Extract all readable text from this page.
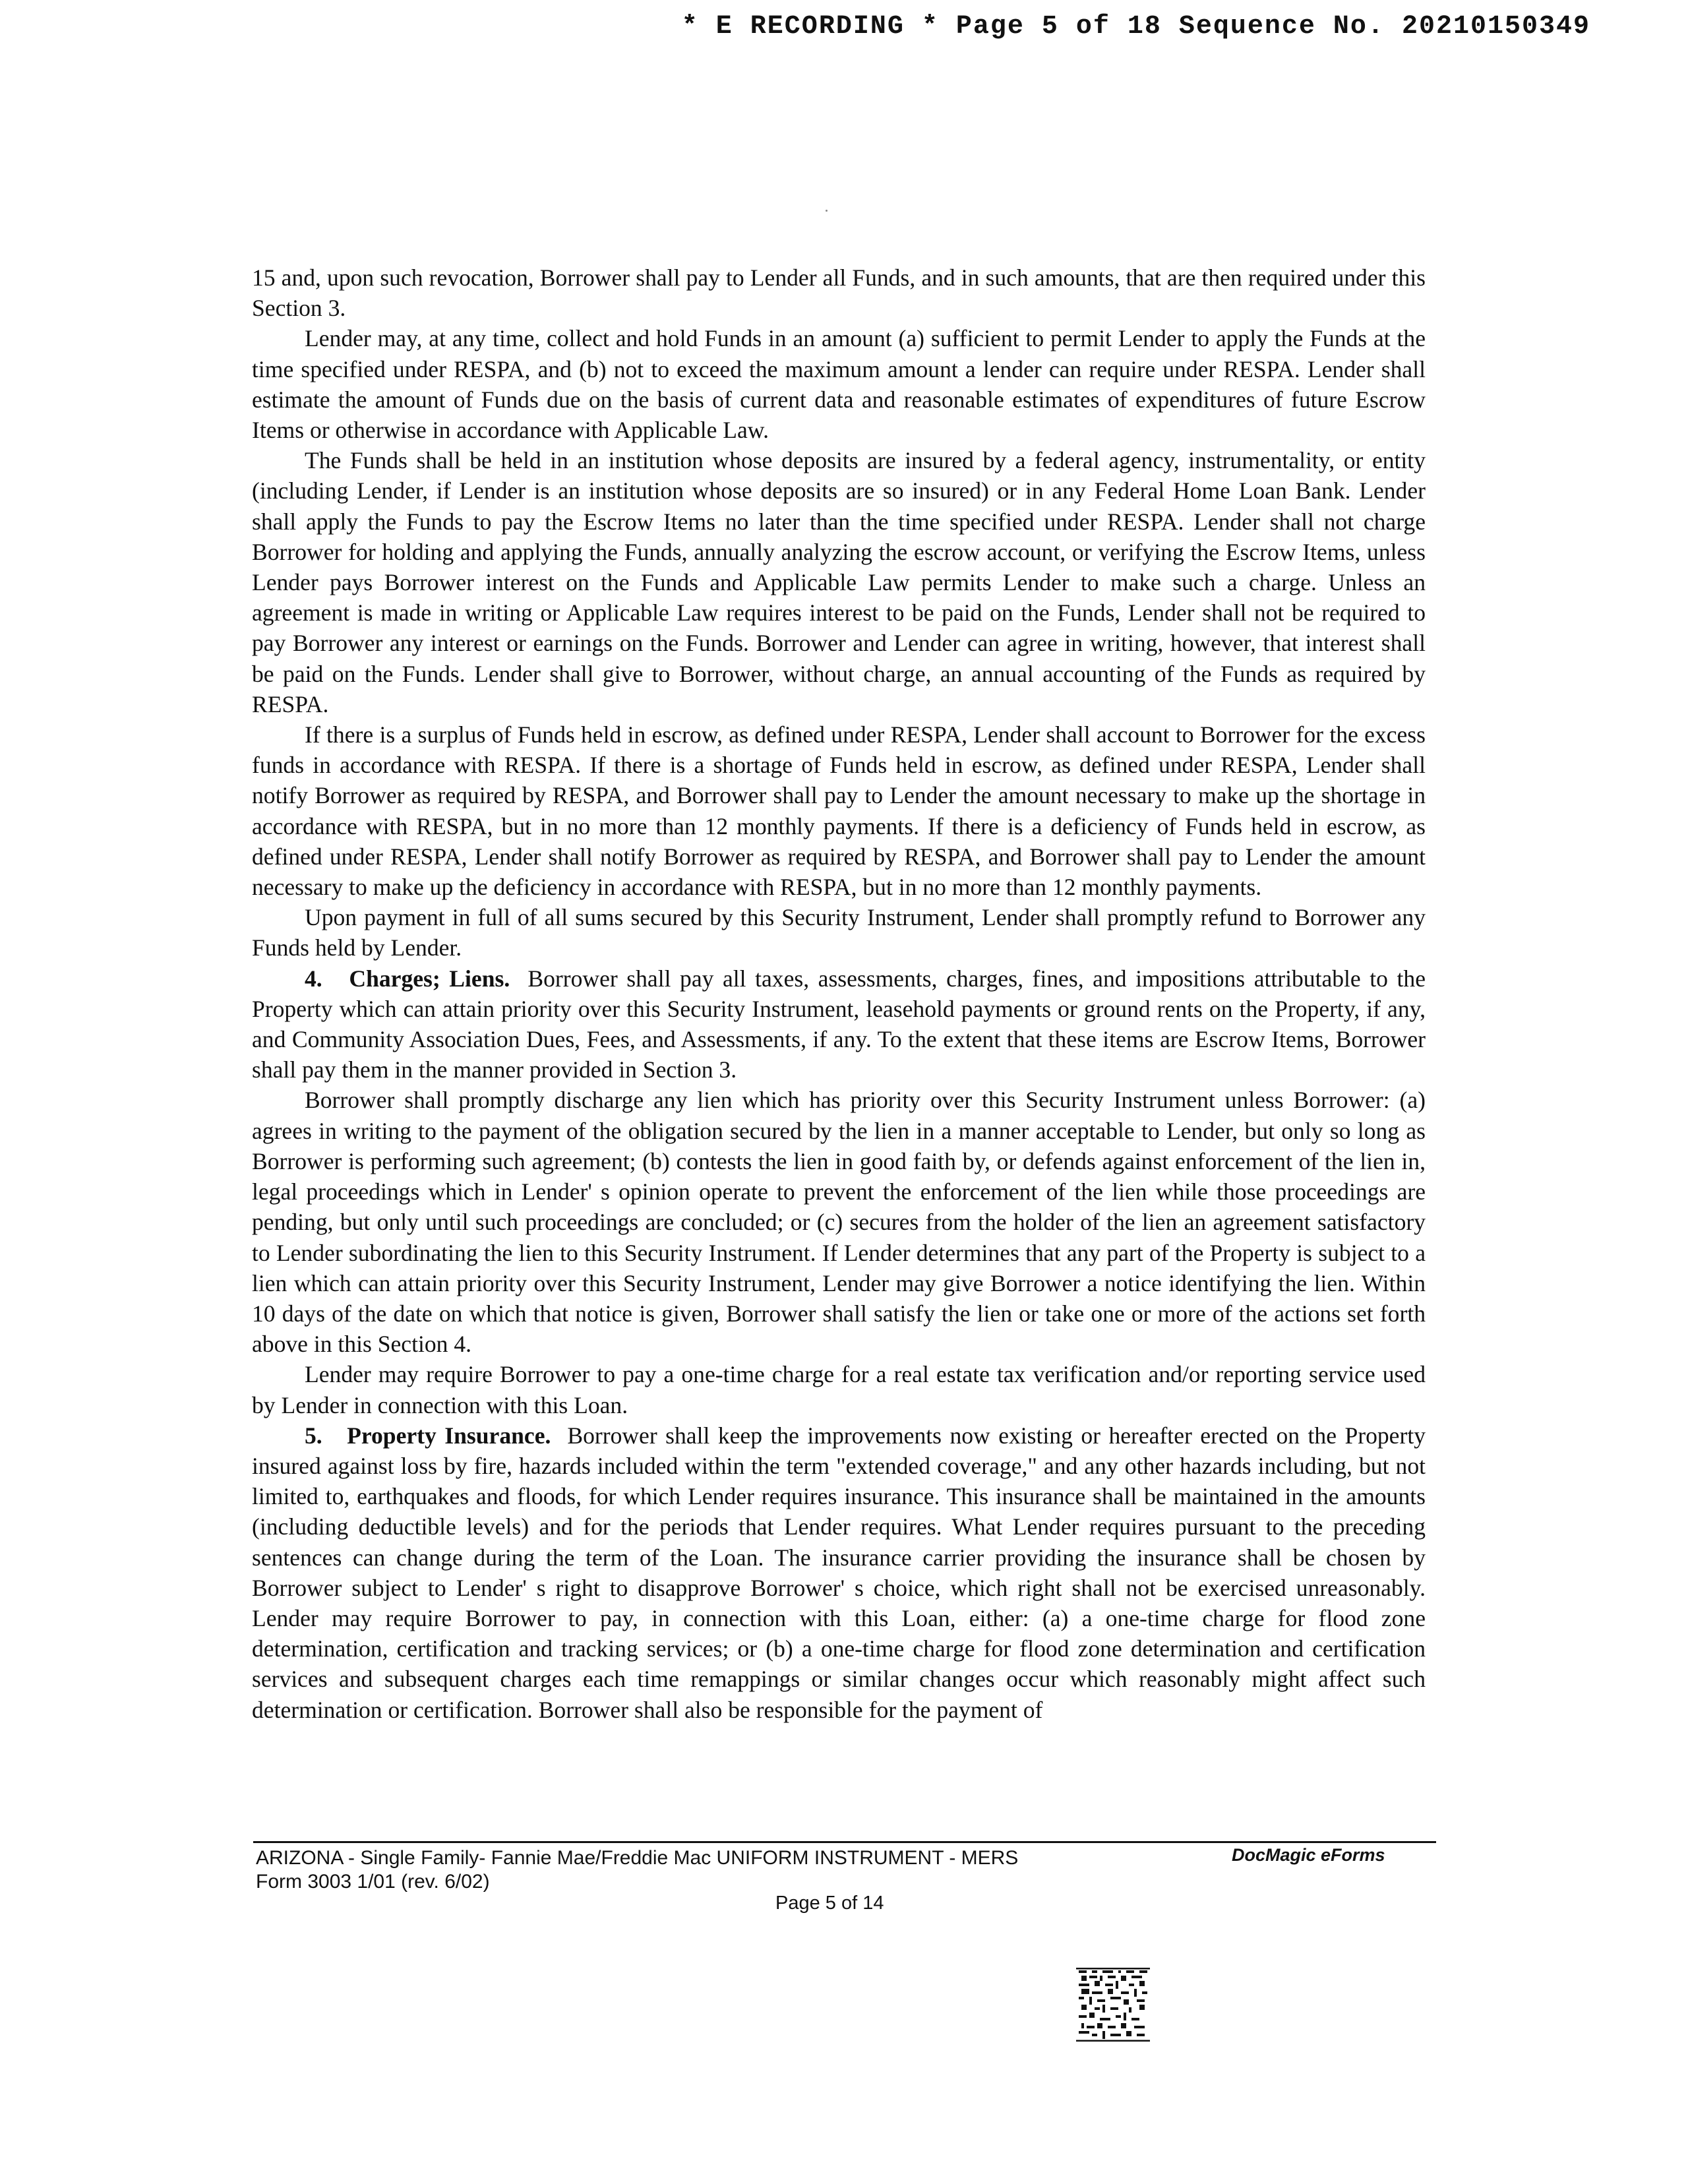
* E RECORDING * Page 5 of 18 Sequence No. 20210150349

15 and, upon such revocation, Borrower shall pay to Lender all Funds, and in such amounts, that are then required under this Section 3.

Lender may, at any time, collect and hold Funds in an amount (a) sufficient to permit Lender to apply the Funds at the time specified under RESPA, and (b) not to exceed the maximum amount a lender can require under RESPA. Lender shall estimate the amount of Funds due on the basis of current data and reasonable estimates of expenditures of future Escrow Items or otherwise in accordance with Applicable Law.

The Funds shall be held in an institution whose deposits are insured by a federal agency, instrumentality, or entity (including Lender, if Lender is an institution whose deposits are so insured) or in any Federal Home Loan Bank. Lender shall apply the Funds to pay the Escrow Items no later than the time specified under RESPA. Lender shall not charge Borrower for holding and applying the Funds, annually analyzing the escrow account, or verifying the Escrow Items, unless Lender pays Borrower interest on the Funds and Applicable Law permits Lender to make such a charge. Unless an agreement is made in writing or Applicable Law requires interest to be paid on the Funds, Lender shall not be required to pay Borrower any interest or earnings on the Funds. Borrower and Lender can agree in writing, however, that interest shall be paid on the Funds. Lender shall give to Borrower, without charge, an annual accounting of the Funds as required by RESPA.

If there is a surplus of Funds held in escrow, as defined under RESPA, Lender shall account to Borrower for the excess funds in accordance with RESPA. If there is a shortage of Funds held in escrow, as defined under RESPA, Lender shall notify Borrower as required by RESPA, and Borrower shall pay to Lender the amount necessary to make up the shortage in accordance with RESPA, but in no more than 12 monthly payments. If there is a deficiency of Funds held in escrow, as defined under RESPA, Lender shall notify Borrower as required by RESPA, and Borrower shall pay to Lender the amount necessary to make up the deficiency in accordance with RESPA, but in no more than 12 monthly payments.

Upon payment in full of all sums secured by this Security Instrument, Lender shall promptly refund to Borrower any Funds held by Lender.

4. Charges; Liens. Borrower shall pay all taxes, assessments, charges, fines, and impositions attributable to the Property which can attain priority over this Security Instrument, leasehold payments or ground rents on the Property, if any, and Community Association Dues, Fees, and Assessments, if any. To the extent that these items are Escrow Items, Borrower shall pay them in the manner provided in Section 3.

Borrower shall promptly discharge any lien which has priority over this Security Instrument unless Borrower: (a) agrees in writing to the payment of the obligation secured by the lien in a manner acceptable to Lender, but only so long as Borrower is performing such agreement; (b) contests the lien in good faith by, or defends against enforcement of the lien in, legal proceedings which in Lender' s opinion operate to prevent the enforcement of the lien while those proceedings are pending, but only until such proceedings are concluded; or (c) secures from the holder of the lien an agreement satisfactory to Lender subordinating the lien to this Security Instrument. If Lender determines that any part of the Property is subject to a lien which can attain priority over this Security Instrument, Lender may give Borrower a notice identifying the lien. Within 10 days of the date on which that notice is given, Borrower shall satisfy the lien or take one or more of the actions set forth above in this Section 4.

Lender may require Borrower to pay a one-time charge for a real estate tax verification and/or reporting service used by Lender in connection with this Loan.

5. Property Insurance. Borrower shall keep the improvements now existing or hereafter erected on the Property insured against loss by fire, hazards included within the term "extended coverage," and any other hazards including, but not limited to, earthquakes and floods, for which Lender requires insurance. This insurance shall be maintained in the amounts (including deductible levels) and for the periods that Lender requires. What Lender requires pursuant to the preceding sentences can change during the term of the Loan. The insurance carrier providing the insurance shall be chosen by Borrower subject to Lender' s right to disapprove Borrower' s choice, which right shall not be exercised unreasonably. Lender may require Borrower to pay, in connection with this Loan, either: (a) a one-time charge for flood zone determination, certification and tracking services; or (b) a one-time charge for flood zone determination and certification services and subsequent charges each time remappings or similar changes occur which reasonably might affect such determination or certification. Borrower shall also be responsible for the payment of

ARIZONA - Single Family- Fannie Mae/Freddie Mac UNIFORM INSTRUMENT - MERS
Form 3003 1/01 (rev. 6/02)
DocMagic eForms
Page 5 of 14
